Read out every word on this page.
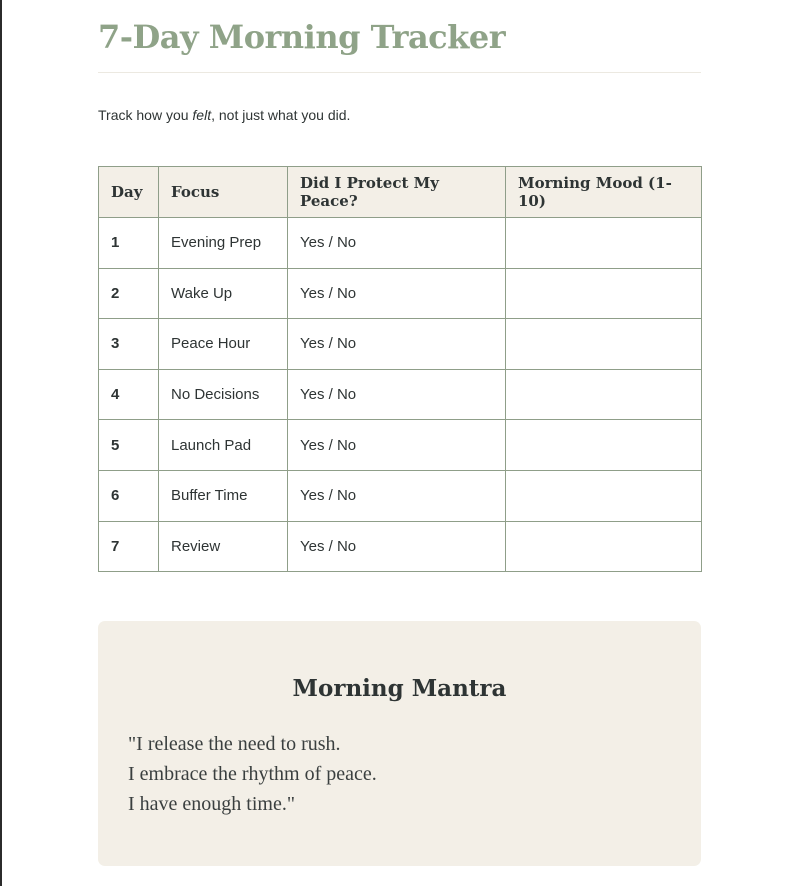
7-Day Morning Tracker

Track how you felt, not just what you did.

Day	Focus	Did I Protect My Peace?	Morning Mood (1-10)
1	Evening Prep	Yes / No	
2	Wake Up	Yes / No	
3	Peace Hour	Yes / No	
4	No Decisions	Yes / No	
5	Launch Pad	Yes / No	
6	Buffer Time	Yes / No	
7	Review	Yes / No	
Morning Mantra
"I release the need to rush.
I embrace the rhythm of peace.
I have enough time."
